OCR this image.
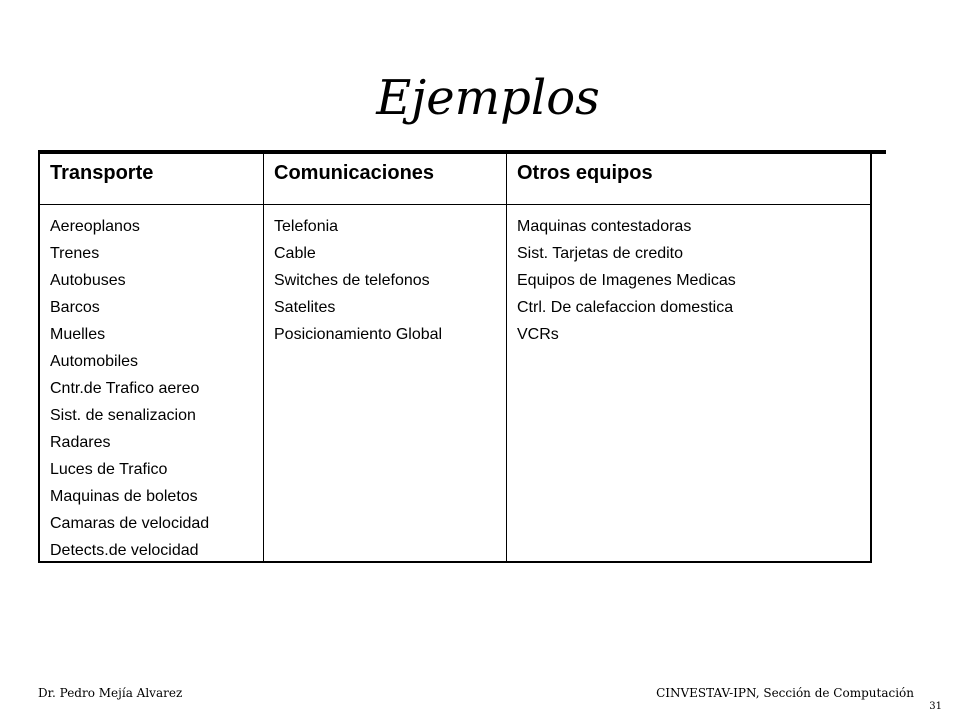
Ejemplos
Transporte
Aereoplanos
Trenes
Autobuses
Barcos
Muelles
Automobiles
Cntr.de Trafico aereo
Sist. de senalizacion
Radares
Luces de Trafico
Maquinas de boletos
Camaras de velocidad
Detects.de velocidad
Comunicaciones
Telefonia
Cable
Switches de telefonos
Satelites
Posicionamiento Global
Otros equipos
Maquinas contestadoras
Sist. Tarjetas de credito
Equipos de Imagenes Medicas
Ctrl. De calefaccion domestica
VCRs
Dr. Pedro Mejía Alvarez	CINVESTAV-IPN, Sección de Computación
31
